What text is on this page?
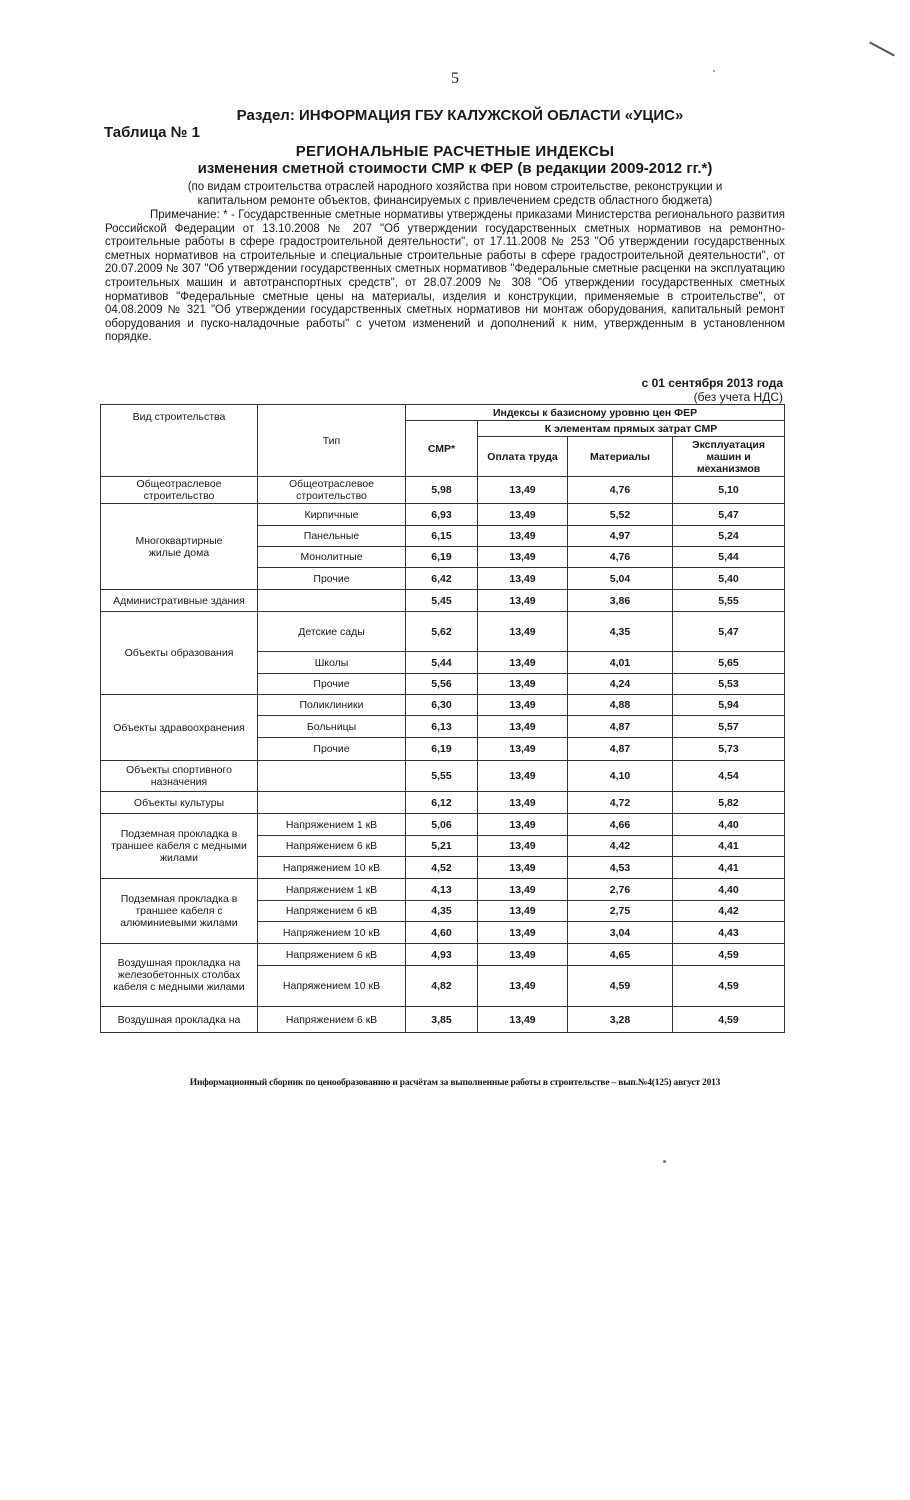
5
Раздел: ИНФОРМАЦИЯ ГБУ КАЛУЖСКОЙ ОБЛАСТИ «УЦИС»
Таблица № 1
РЕГИОНАЛЬНЫЕ РАСЧЕТНЫЕ ИНДЕКСЫ
изменения сметной стоимости СМР к ФЕР (в редакции 2009-2012 гг.*)
(по видам строительства отраслей народного хозяйства при новом строительстве, реконструкции и
капитальном ремонте объектов, финансируемых с привлечением средств областного бюджета)

Примечание: * - Государственные сметные нормативы утверждены приказами Министерства регионального развития Российской Федерации от 13.10.2008 № 207 "Об утверждении государственных сметных нормативов на ремонтно-строительные работы в сфере градостроительной деятельности", от 17.11.2008 № 253 "Об утверждении государственных сметных нормативов на строительные и специальные строительные работы в сфере градостроительной деятельности", от 20.07.2009 № 307 "Об утверждении государственных сметных нормативов "Федеральные сметные расценки на эксплуатацию строительных машин и автотранспортных средств", от 28.07.2009 № 308 "Об утверждении государственных сметных нормативов "Федеральные сметные цены на материалы, изделия и конструкции, применяемые в строительстве", от 04.08.2009 № 321 "Об утверждении государственных сметных нормативов ни монтаж оборудования, капитальный ремонт оборудования и пуско-наладочные работы" с учетом изменений и дополнений к ним, утвержденным в установленном порядке.

с 01 сентября 2013 года
(без учета НДС)
Вид строительства	Тип	Индексы к базисному уровню цен ФЕР			
		СМР*	К элементам прямых затрат СМР		
			Оплата труда	Материалы	Эксплуатация машин и механизмов
Общеотраслевое строительство	Общеотраслевое строительство	5,98	13,49	4,76	5,10
Многоквартирные жилые дома	Кирпичные	6,93	13,49	5,52	5,47
	Панельные	6,15	13,49	4,97	5,24
	Монолитные	6,19	13,49	4,76	5,44
	Прочие	6,42	13,49	5,04	5,40
Административные здания		5,45	13,49	3,86	5,55
Объекты образования	Детские сады	5,62	13,49	4,35	5,47
	Школы	5,44	13,49	4,01	5,65
	Прочие	5,56	13,49	4,24	5,53
Объекты здравоохранения	Поликлиники	6,30	13,49	4,88	5,94
	Больницы	6,13	13,49	4,87	5,57
	Прочие	6,19	13,49	4,87	5,73
Объекты спортивного назначения		5,55	13,49	4,10	4,54
Объекты культуры		6,12	13,49	4,72	5,82
Подземная прокладка в траншее кабеля с медными жилами	Напряжением 1 кВ	5,06	13,49	4,66	4,40
	Напряжением 6 кВ	5,21	13,49	4,42	4,41
	Напряжением 10 кВ	4,52	13,49	4,53	4,41
Подземная прокладка в траншее кабеля с алюминиевыми жилами	Напряжением 1 кВ	4,13	13,49	2,76	4,40
	Напряжением 6 кВ	4,35	13,49	2,75	4,42
	Напряжением 10 кВ	4,60	13,49	3,04	4,43
Воздушная прокладка на железобетонных столбах кабеля с медными жилами	Напряжением 6 кВ	4,93	13,49	4,65	4,59
	Напряжением 10 кВ	4,82	13,49	4,59	4,59
Воздушная прокладка на	Напряжением 6 кВ	3,85	13,49	3,28	4,59
Информационный сборник по ценообразованию и расчётам за выполненные работы в строительстве – вып.№4(125) август 2013
